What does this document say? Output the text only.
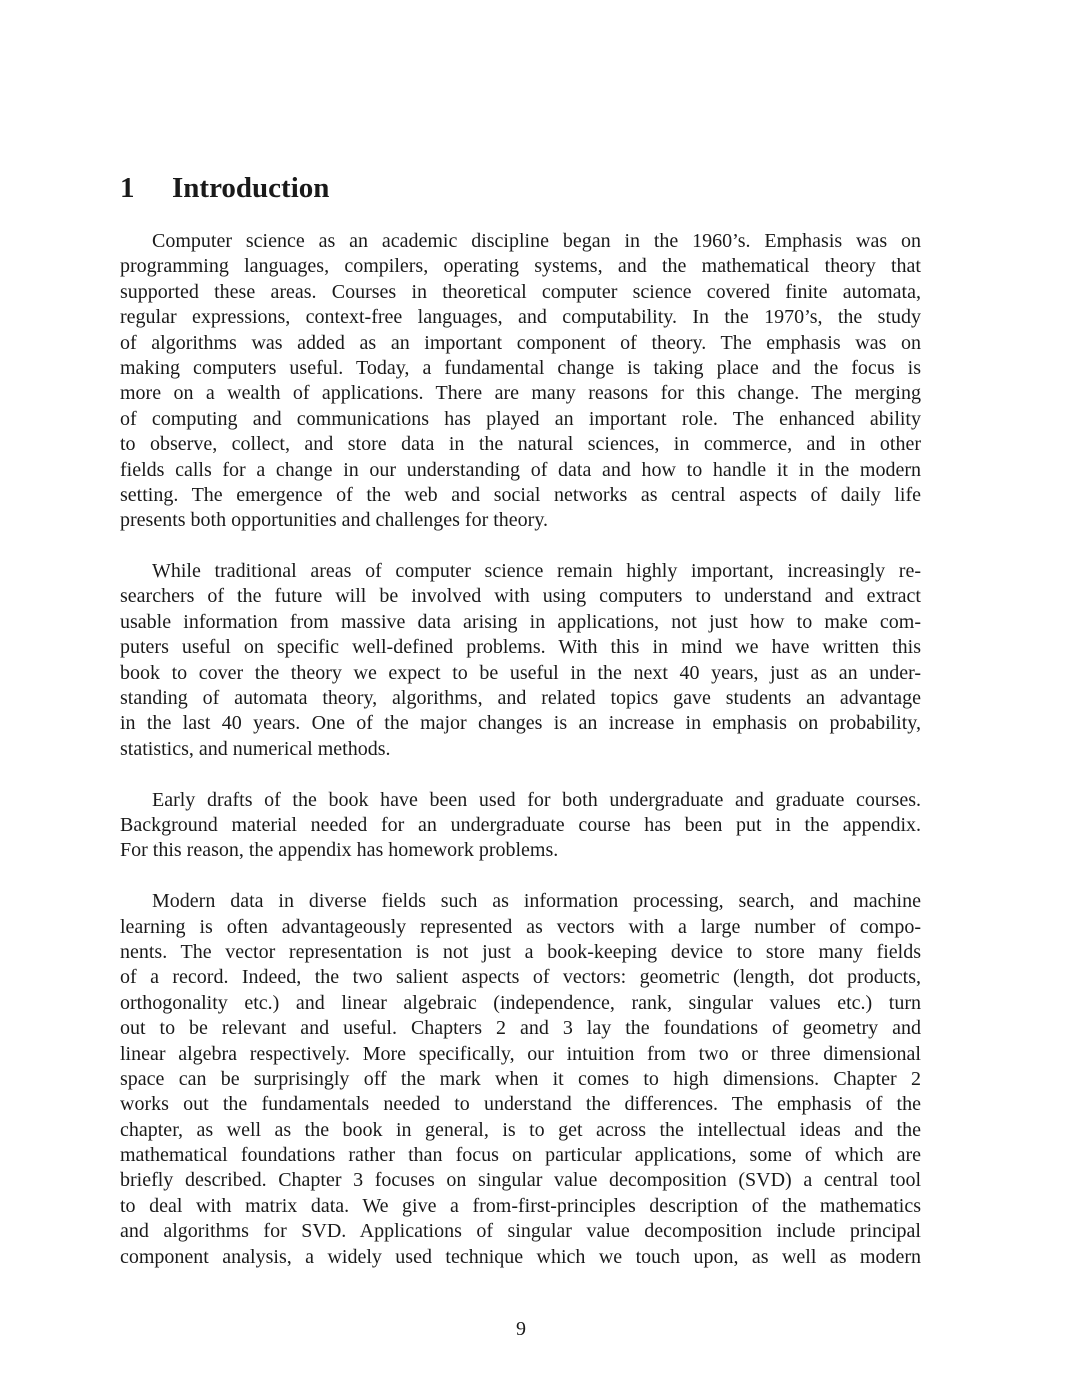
1 Introduction
Computer science as an academic discipline began in the 1960’s. Emphasis was on
programming languages, compilers, operating systems, and the mathematical theory that
supported these areas. Courses in theoretical computer science covered finite automata,
regular expressions, context-free languages, and computability. In the 1970’s, the study
of algorithms was added as an important component of theory. The emphasis was on
making computers useful. Today, a fundamental change is taking place and the focus is
more on a wealth of applications. There are many reasons for this change. The merging
of computing and communications has played an important role. The enhanced ability
to observe, collect, and store data in the natural sciences, in commerce, and in other
fields calls for a change in our understanding of data and how to handle it in the modern
setting. The emergence of the web and social networks as central aspects of daily life
presents both opportunities and challenges for theory.
While traditional areas of computer science remain highly important, increasingly re-
searchers of the future will be involved with using computers to understand and extract
usable information from massive data arising in applications, not just how to make com-
puters useful on specific well-defined problems. With this in mind we have written this
book to cover the theory we expect to be useful in the next 40 years, just as an under-
standing of automata theory, algorithms, and related topics gave students an advantage
in the last 40 years. One of the major changes is an increase in emphasis on probability,
statistics, and numerical methods.
Early drafts of the book have been used for both undergraduate and graduate courses.
Background material needed for an undergraduate course has been put in the appendix.
For this reason, the appendix has homework problems.
Modern data in diverse fields such as information processing, search, and machine
learning is often advantageously represented as vectors with a large number of compo-
nents. The vector representation is not just a book-keeping device to store many fields
of a record. Indeed, the two salient aspects of vectors: geometric (length, dot products,
orthogonality etc.) and linear algebraic (independence, rank, singular values etc.) turn
out to be relevant and useful. Chapters 2 and 3 lay the foundations of geometry and
linear algebra respectively. More specifically, our intuition from two or three dimensional
space can be surprisingly off the mark when it comes to high dimensions. Chapter 2
works out the fundamentals needed to understand the differences. The emphasis of the
chapter, as well as the book in general, is to get across the intellectual ideas and the
mathematical foundations rather than focus on particular applications, some of which are
briefly described. Chapter 3 focuses on singular value decomposition (SVD) a central tool
to deal with matrix data. We give a from-first-principles description of the mathematics
and algorithms for SVD. Applications of singular value decomposition include principal
component analysis, a widely used technique which we touch upon, as well as modern
9
